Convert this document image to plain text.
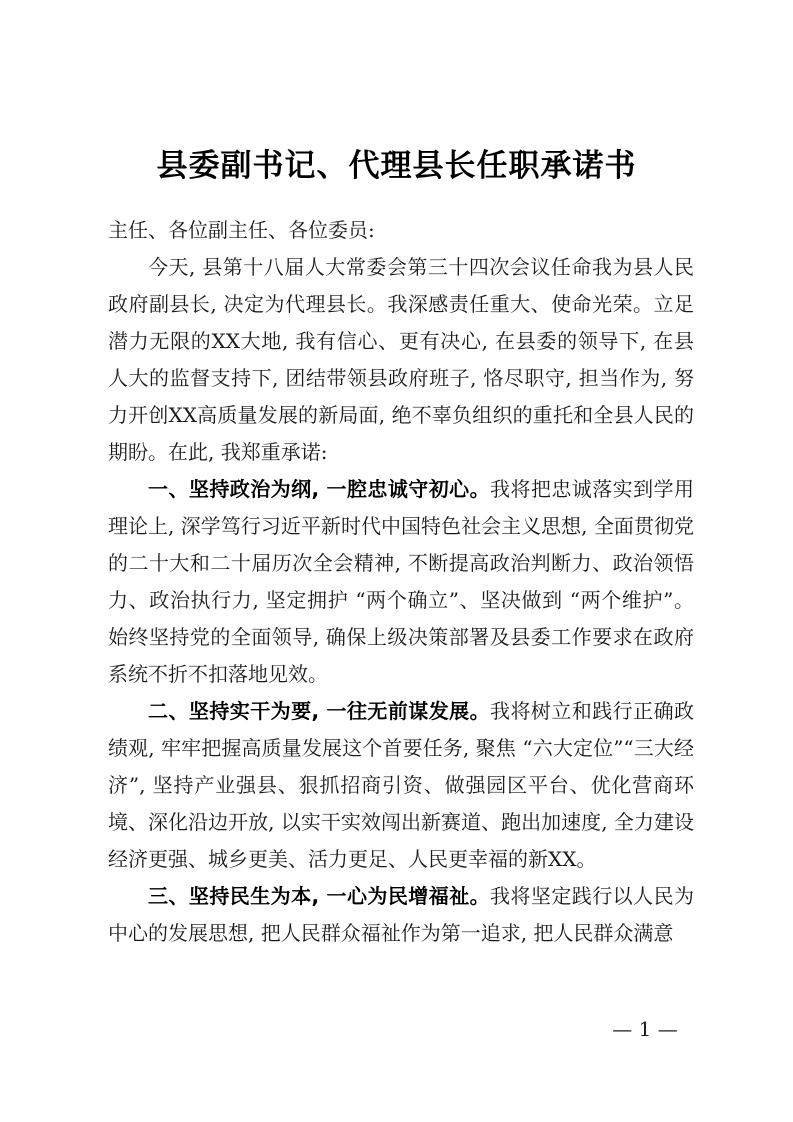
县委副书记、代理县长任职承诺书

主任、各位副主任、各位委员:

今天, 县第十八届人大常委会第三十四次会议任命我为县人民政府副县长, 决定为代理县长。我深感责任重大、使命光荣。立足潜力无限的XX大地, 我有信心、更有决心, 在县委的领导下, 在县人大的监督支持下, 团结带领县政府班子, 恪尽职守, 担当作为, 努力开创XX高质量发展的新局面, 绝不辜负组织的重托和全县人民的期盼。在此, 我郑重承诺:

一、坚持政治为纲, 一腔忠诚守初心。我将把忠诚落实到学用理论上, 深学笃行习近平新时代中国特色社会主义思想, 全面贯彻党的二十大和二十届历次全会精神, 不断提高政治判断力、政治领悟力、政治执行力, 坚定拥护 “两个确立”、坚决做到 “两个维护”。始终坚持党的全面领导, 确保上级决策部署及县委工作要求在政府系统不折不扣落地见效。

二、坚持实干为要, 一往无前谋发展。我将树立和践行正确政绩观, 牢牢把握高质量发展这个首要任务, 聚焦 “六大定位”“三大经济”, 坚持产业强县、狠抓招商引资、做强园区平台、优化营商环境、深化沿边开放, 以实干实效闯出新赛道、跑出加速度, 全力建设经济更强、城乡更美、活力更足、人民更幸福的新XX。

三、坚持民生为本, 一心为民增福祉。我将坚定践行以人民为中心的发展思想, 把人民群众福祉作为第一追求, 把人民群众满意

— 1 —
